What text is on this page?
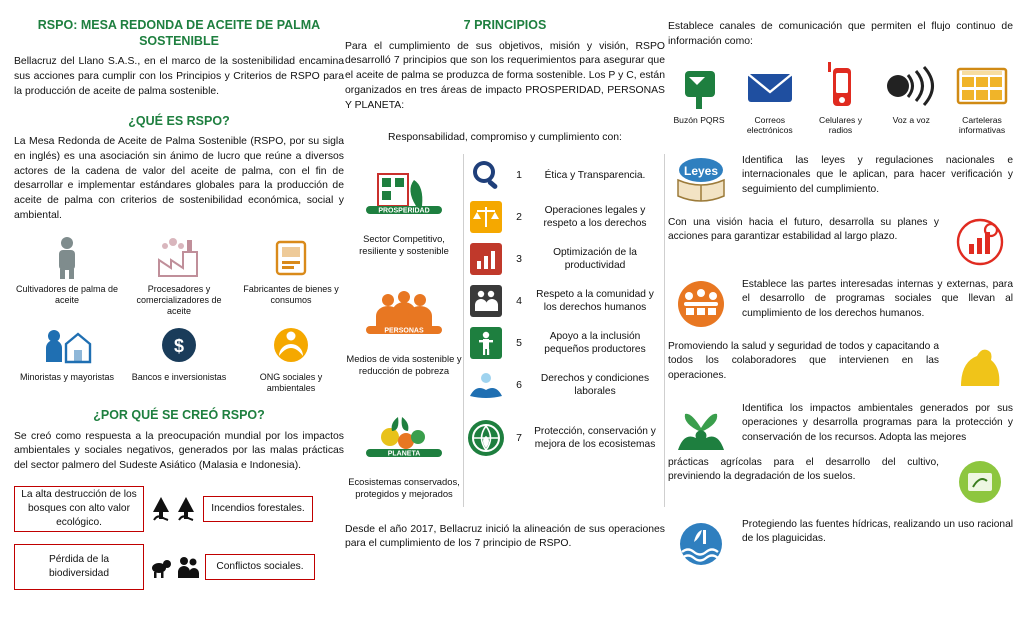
RSPO: MESA REDONDA DE ACEITE DE PALMA SOSTENIBLE

Bellacruz del Llano S.A.S., en el marco de la sostenibilidad encamina sus acciones para cumplir con los Principios y Criterios de RSPO para la producción de aceite de palma sostenible.

¿QUÉ ES RSPO?

La Mesa Redonda de Aceite de Palma Sostenible (RSPO, por su sigla en inglés) es una asociación sin ánimo de lucro que reúne a diversos actores de la cadena de valor del aceite de palma, con el fin de desarrollar e implementar estándares globales para la producción de aceite de palma con criterios de sostenibilidad económica, social y ambiental.

Cultivadores de palma de aceite
Procesadores y comercializadores de aceite
Fabricantes de bienes y consumos
Minoristas y mayoristas
$
Bancos e inversionistas	ONG sociales y ambientales
¿POR QUÉ SE CREÓ RSPO?

Se creó como respuesta a la preocupación mundial por los impactos ambientales y sociales negativos, generados por las malas prácticas del sector palmero del Sudeste Asiático (Malasia e Indonesia).

La alta destrucción de los bosques con alto valor ecológico.
Incendios forestales.
Pérdida de la biodiversidad
Conflictos sociales.
7 PRINCIPIOS

Para el cumplimiento de sus objetivos, misión y visión, RSPO desarrolló 7 principios que son los requerimientos para asegurar que el aceite de palma se produzca de forma sostenible. Los P y C, están organizados en tres áreas de impacto PROSPERIDAD, PERSONAS Y PLANETA:

Responsabilidad, compromiso y cumplimiento con:

PROSPERIDAD
Sector Competitivo, resiliente y sostenible
PERSONAS
Medios de vida sostenible y reducción de pobreza
PLANETA
Ecosistemas conservados, protegidos y mejorados
1	Ética y Transparencia.
2
Operaciones legales y respeto a los derechos
3
Optimización de la productividad
4
Respeto a la comunidad y los derechos humanos
5
Apoyo a la inclusión pequeños productores
6
Derechos y condiciones laborales
7
Protección, conservación y mejora de los ecosistemas

Desde el año 2017, Bellacruz inició la alineación de sus operaciones para el cumplimiento de los 7 principio de RSPO.

Establece canales de comunicación que permiten el flujo continuo de información como:

Buzón PQRS	Correos electrónicos
Celulares y radios
Voz a voz	Carteleras informativas
Leyes
Identifica las leyes y regulaciones nacionales e internacionales que le aplican, para hacer verificación y seguimiento del cumplimiento.
Con una visión hacia el futuro, desarrolla su planes y acciones para garantizar estabilidad al largo plazo.
Establece las partes interesadas internas y externas, para el desarrollo de programas sociales que llevan al cumplimiento de los derechos humanos.
Promoviendo la salud y seguridad de todos y capacitando a todos los colaboradores que intervienen en las operaciones.
Identifica los impactos ambientales generados por sus operaciones y desarrolla programas para la protección y conservación de los recursos. Adopta las mejores
prácticas agrícolas para el desarrollo del cultivo, previniendo la degradación de los suelos.
Protegiendo las fuentes hídricas, realizando un uso racional de los plaguicidas.
